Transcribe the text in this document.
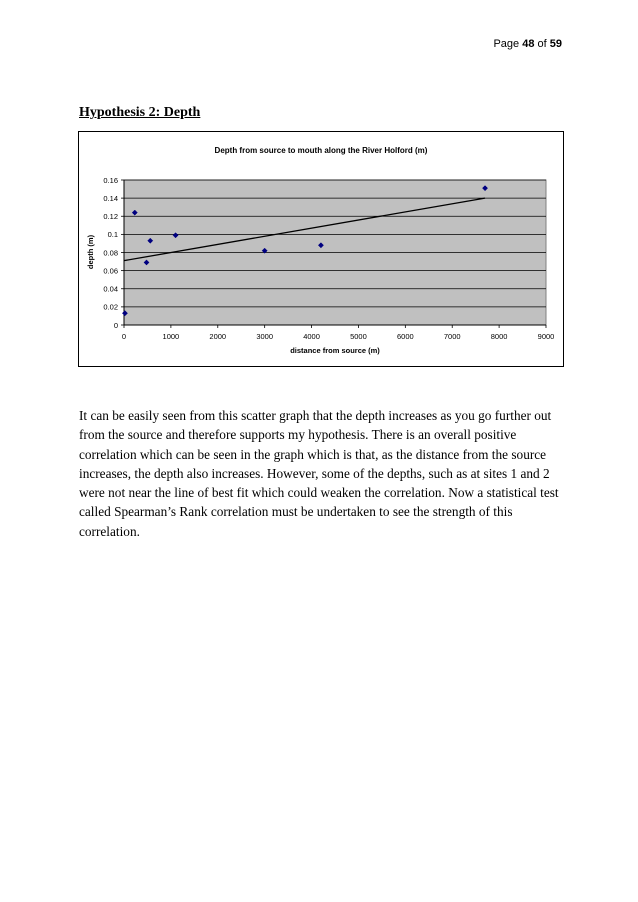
Page 48 of 59
Hypothesis 2: Depth
Depth from source to mouth along the River Holford (m)
0
0.02
0.04
0.06
0.08
0.1
0.12
0.14
0.16
0	1000	2000	3000	4000	5000	6000	7000	8000	9000
distance from source (m)
depth (m)

It can be easily seen from this scatter graph that the depth increases as you go further out from the source and therefore supports my hypothesis. There is an overall positive correlation which can be seen in the graph which is that, as the distance from the source increases, the depth also increases. However, some of the depths, such as at sites 1 and 2 were not near the line of best fit which could weaken the correlation. Now a statistical test called Spearman’s Rank correlation must be undertaken to see the strength of this correlation.
